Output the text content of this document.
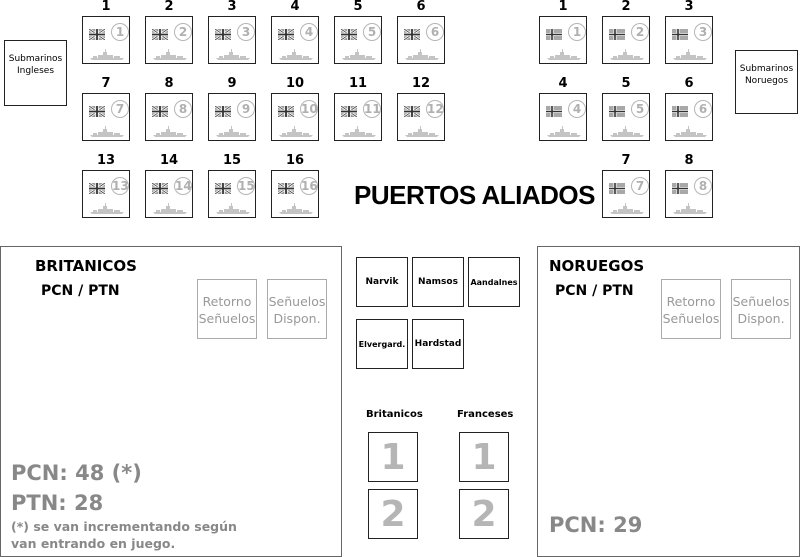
Submarinos Ingleses	Submarinos Noruegos
1
1
2
2
3
3
4
4
5
5
6
6
7
7
8
8
9
9
10
10
11
11
12
12
13
13
14
14
15
15
16
16
1
1
2
2
3
3
4
4
5
5
6
6
7
7
8
8
PUERTOS ALIADOS
BRITANICOS
PCN / PTN
Retorno Señuelos
Señuelos Dispon.
PCN: 48 (*)
PTN: 28
(*) se van incrementando según van entrando en juego.
NORUEGOS
PCN / PTN
Retorno Señuelos
Señuelos Dispon.
PCN: 29
Narvik Namsos Aandalnes
Elvergard. Hardstad
Britanicos	Franceses
1
2
1
2
